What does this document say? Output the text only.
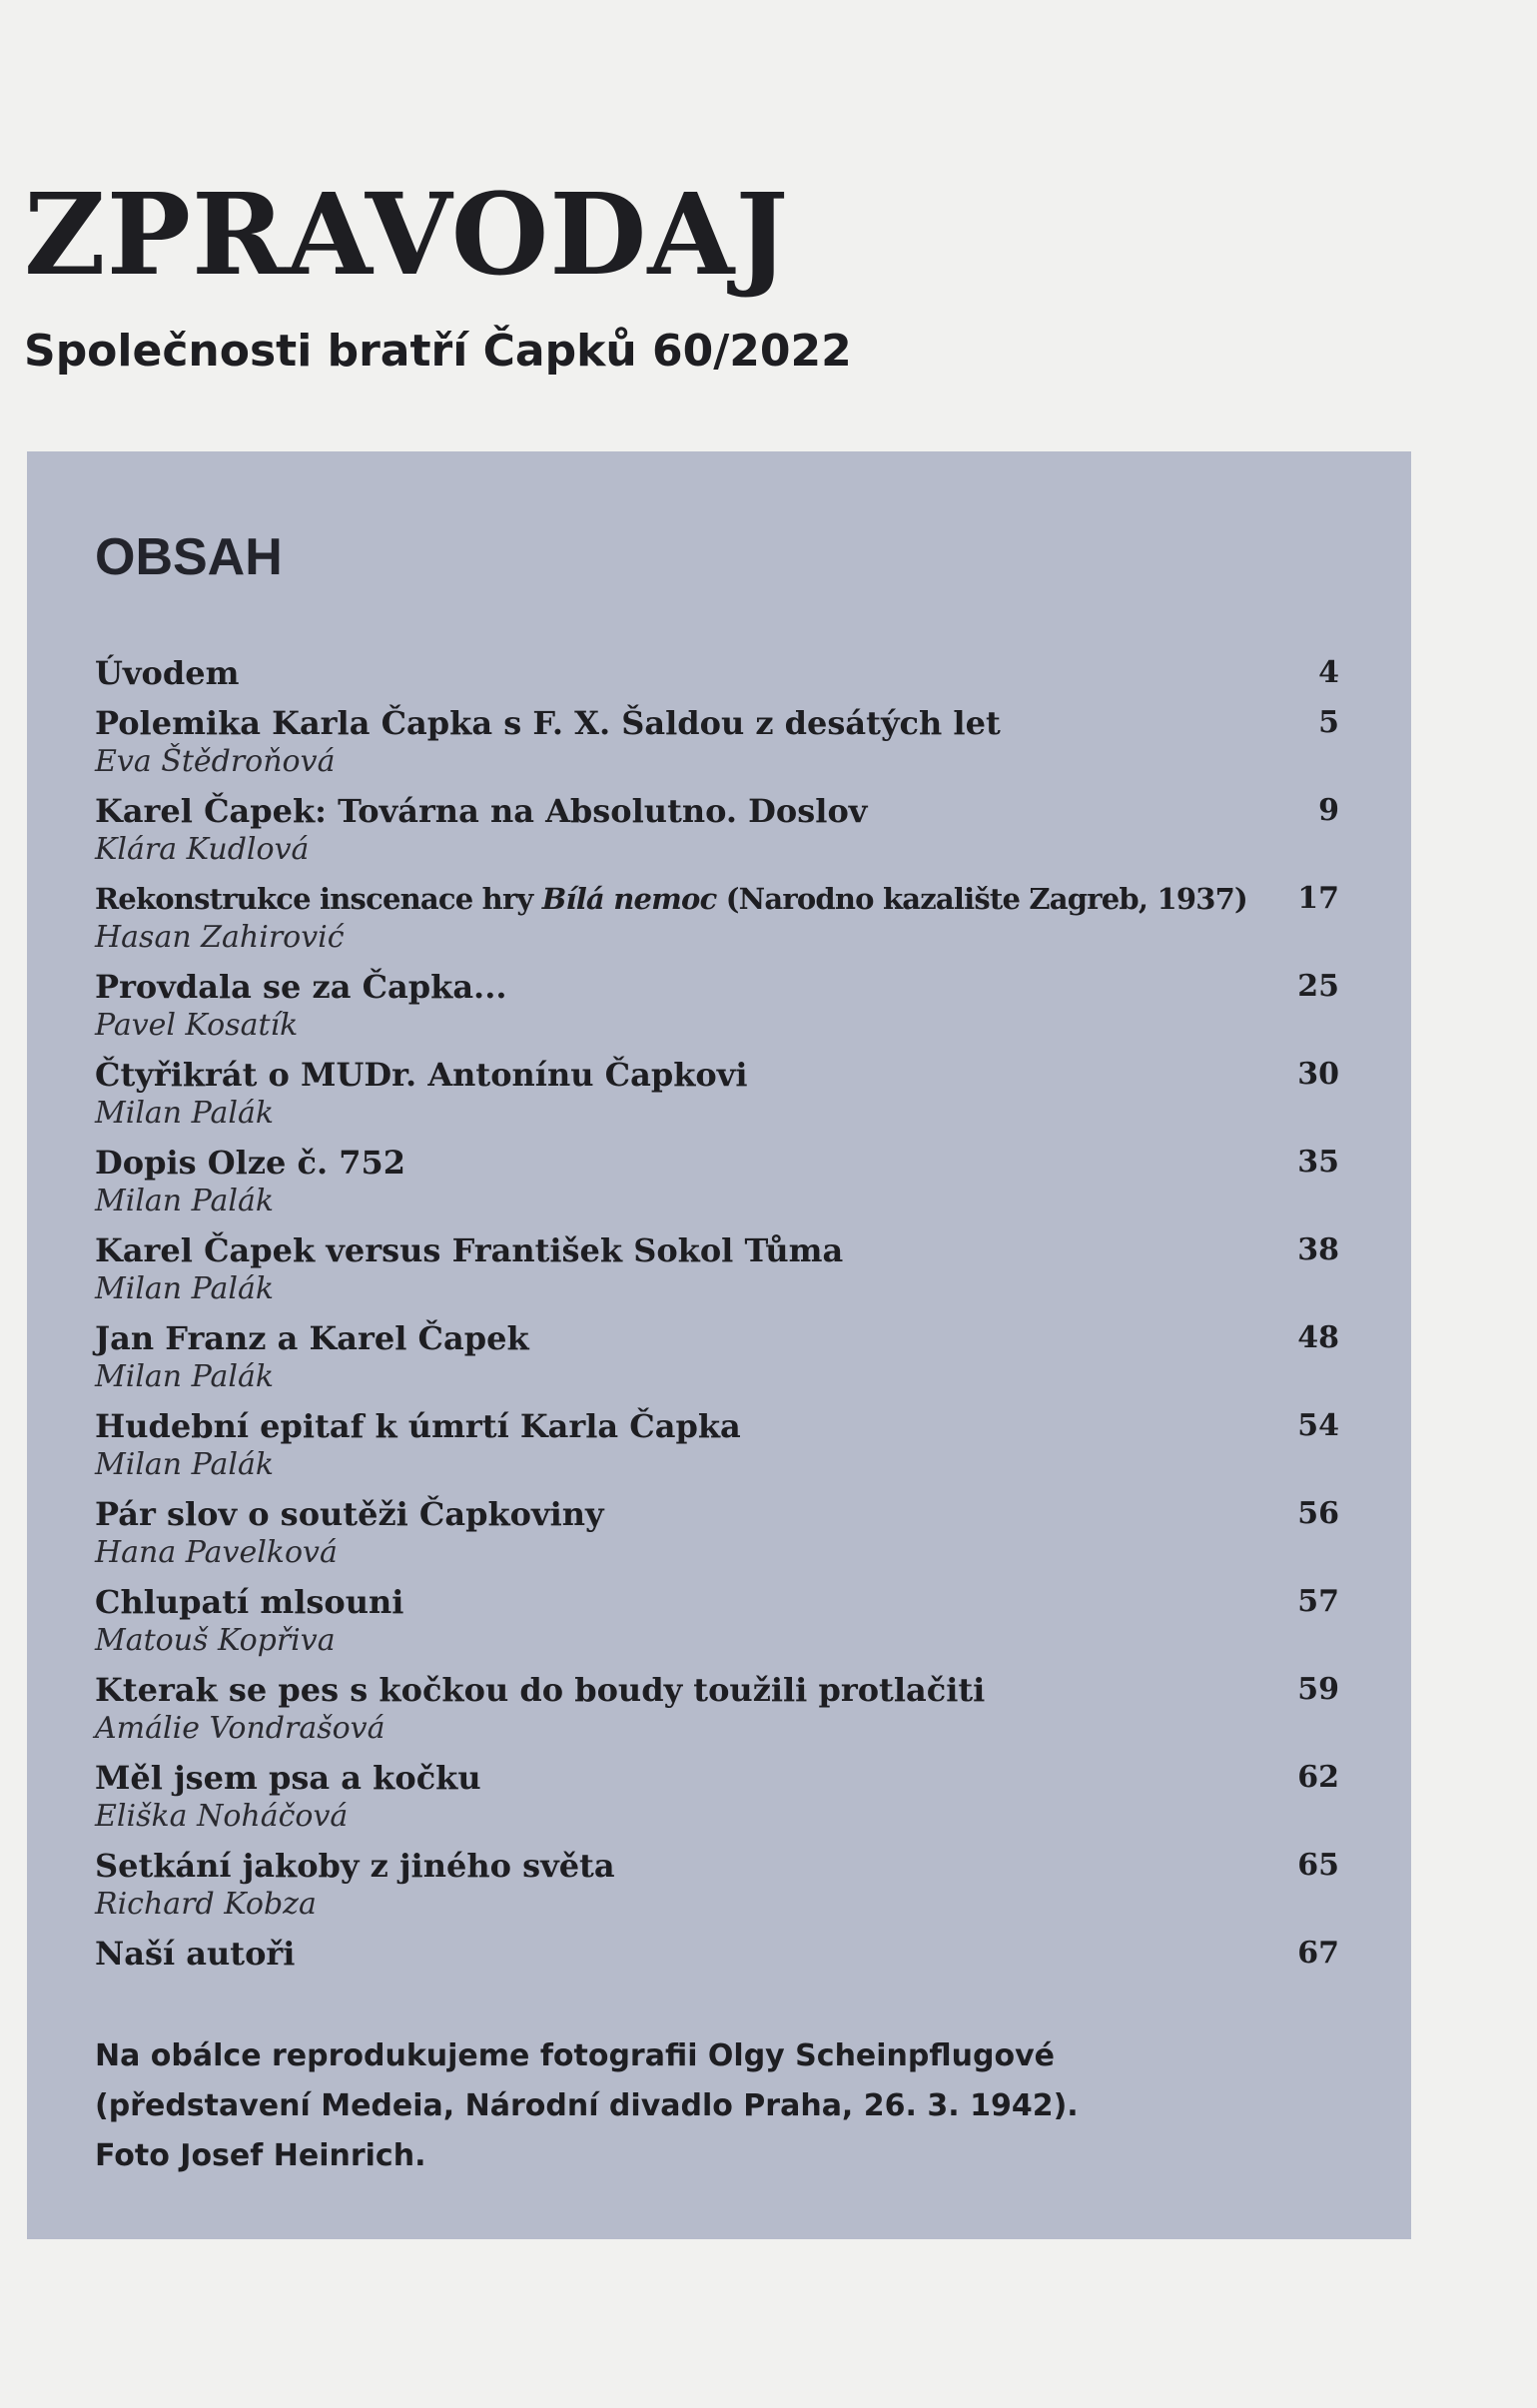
ZPRAVODAJ
Společnosti bratří Čapků 60/2022
OBSAH
Úvodem	4
Polemika Karla Čapka s F. X. Šaldou z desátých let	5
Eva Štědroňová
Karel Čapek: Továrna na Absolutno. Doslov	9
Klára Kudlová
Rekonstrukce inscenace hry Bílá nemoc (Narodno kazalište Zagreb, 1937)	17
Hasan Zahirović
Provdala se za Čapka...	25
Pavel Kosatík
Čtyřikrát o MUDr. Antonínu Čapkovi	30
Milan Palák
Dopis Olze č. 752	35
Milan Palák
Karel Čapek versus František Sokol Tůma	38
Milan Palák
Jan Franz a Karel Čapek	48
Milan Palák
Hudební epitaf k úmrtí Karla Čapka	54
Milan Palák
Pár slov o soutěži Čapkoviny	56
Hana Pavelková
Chlupatí mlsouni	57
Matouš Kopřiva
Kterak se pes s kočkou do boudy toužili protlačiti	59
Amálie Vondrašová
Měl jsem psa a kočku	62
Eliška Noháčová
Setkání jakoby z jiného světa	65
Richard Kobza
Naší autoři	67
Na obálce reprodukujeme fotografii Olgy Scheinpflugové
(představení Medeia, Národní divadlo Praha, 26. 3. 1942).
Foto Josef Heinrich.
